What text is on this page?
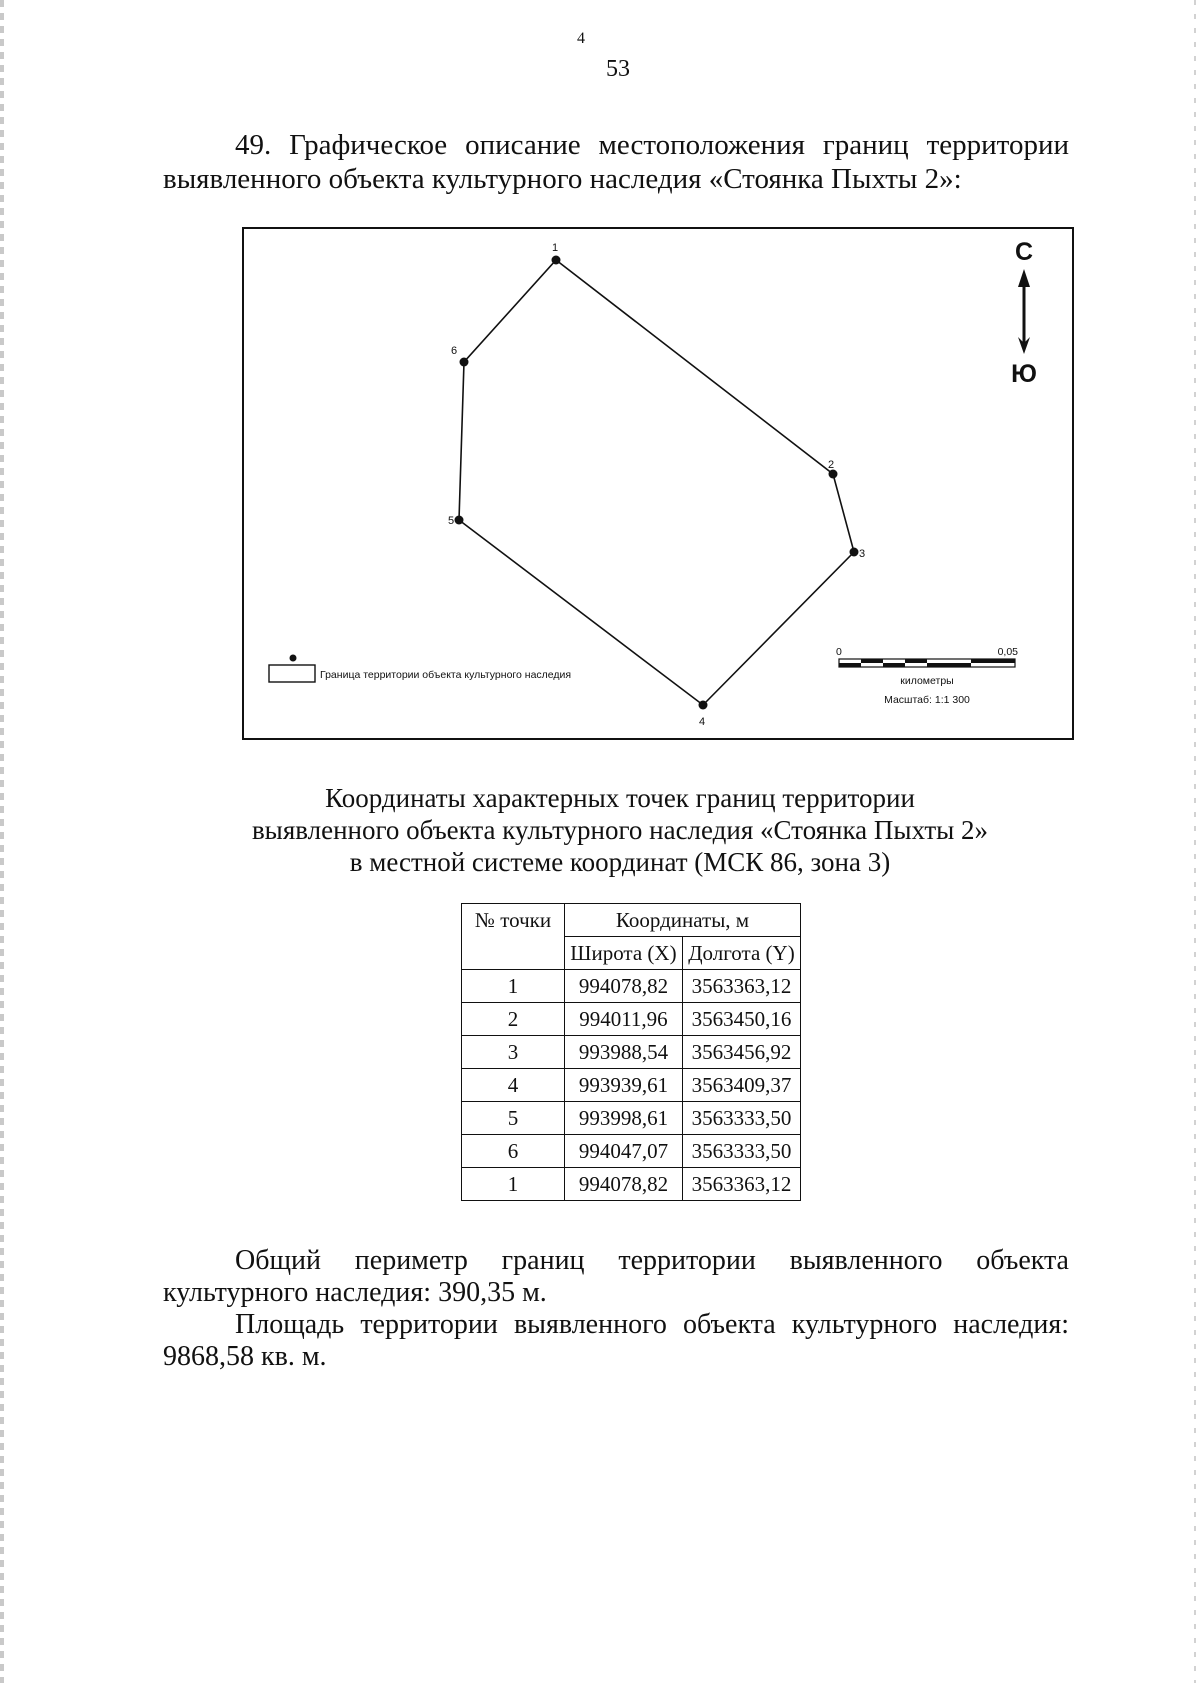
4
53
49. Графическое описание местоположения границ территории выявленного объекта культурного наследия «Стоянка Пыхты 2»:
1
2
3
4
5
6
С
Ю
Граница территории объекта культурного наследия
0	0,05
километры
Масштаб: 1:1 300
Координаты характерных точек границ территории
выявленного объекта культурного наследия «Стоянка Пыхты 2»
в местной системе координат (МСК 86, зона 3)
№ точки	Координаты, м	
	Широта (X)	Долгота (Y)
1	994078,82	3563363,12
2	994011,96	3563450,16
3	993988,54	3563456,92
4	993939,61	3563409,37
5	993998,61	3563333,50
6	994047,07	3563333,50
1	994078,82	3563363,12
Общий периметр границ территории выявленного объекта культурного наследия: 390,35 м.
Площадь территории выявленного объекта культурного наследия: 9868,58 кв. м.
